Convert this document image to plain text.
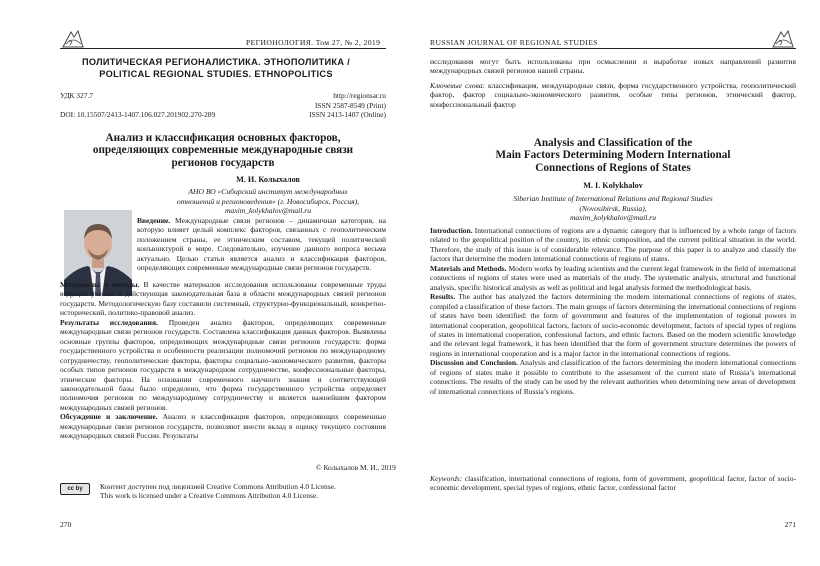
РЕГИОНОЛОГИЯ. Том 27, № 2, 2019
ПОЛИТИЧЕСКАЯ РЕГИОНАЛИСТИКА. ЭТНОПОЛИТИКА /
POLITICAL REGIONAL STUDIES. ETHNOPOLITICS
УДК 327.7
DOI: 10.15507/2413-1407.106.027.201902.270-289
http://regionsar.ru
ISSN 2587-8549 (Print)
ISSN 2413-1407 (Online)
Анализ и классификация основных факторов,
определяющих современные международные связи
регионов государств
М. И. Колыхалов
АНО ВО «Сибирский институт международных
отношений и регионоведения» (г. Новосибирск, Россия),
maxim_kolykhalov@mail.ru

Введение. Международные связи регионов – динамичная категория, на которую влияет целый комплекс факторов, связанных с геополитическим положением страны, ее этническим составом, текущей политической конъюнктурой в мире. Следовательно, изучение данного вопроса весьма актуально. Целью статьи является анализ и классификация факторов, определяющих современные международные связи регионов государств.

Материалы и методы. В качестве материалов исследования использованы современные труды ведущих ученых и действующая законодательная база в области международных связей регионов государств. Методологическую базу составили системный, структурно-функциональный, конкретно-исторический, политико-правовой анализ.

Результаты исследования. Проведен анализ факторов, определяющих современные международные связи регионов государств. Составлена классификация данных факторов. Выявлены основные группы факторов, определяющих международные связи регионов государств: форма государственного устройства и особенности реализации полномочий регионов по международному сотрудничеству, геополитические факторы, факторы социально-экономического развития, факторы особых типов регионов государств в международном сотрудничестве, конфессиональные факторы, этнические факторы. На основании современного научного знания и соответствующей законодательной базы было определено, что форма государственного устройства определяет полномочия регионов по международному сотрудничеству и является важнейшим фактором международных связей регионов.

Обсуждение и заключение. Анализ и классификация факторов, определяющих современные международные связи регионов государств, позволяют внести вклад в оценку текущего состояния международных связей России. Результаты

© Колыхалов М. И., 2019
cc by Контент доступен под лицензией Creative Commons Attribution 4.0 License.
This work is licensed under a Creative Commons Attribution 4.0 License.
270
RUSSIAN JOURNAL OF REGIONAL STUDIES
исследования могут быть использованы при осмыслении и выработке новых направлений развития международных связей регионов нашей страны.

Ключевые слова: классификация, международные связи, форма государственного устройства, геополитический фактор, фактор социально-экономического развития, особые типы регионов, этнический фактор, конфессиональный фактор

Analysis and Classification of the
Main Factors Determining Modern International
Connections of Regions of States
M. I. Kolykhalov
Siberian Institute of International Relations and Regional Studies
(Novosibirsk, Russia),
maxim_kolykhalov@mail.ru

Introduction. International connections of regions are a dynamic category that is influenced by a whole range of factors related to the geopolitical position of the country, its ethnic composition, and the current political situation in the world. Therefore, the study of this issue is of considerable relevance. The purpose of this paper is to analyze and classify the factors that determine the modern international connections of regions of states.

Materials and Methods. Modern works by leading scientists and the current legal framework in the field of international connections of regions of states were used as materials of the study. The systematic analysis, structural and functional analysis, specific historical analysis as well as political and legal analysis formed the methodological basis.

Results. The author has analyzed the factors determining the modern international connections of regions of states, compiled a classification of these factors. The main groups of factors determining the international connections of regions of states have been identified: the form of government and features of the implementation of regional powers in international cooperation, geopolitical factors, factors of socio-economic development, factors of special types of regions of states in international cooperation, confessional factors, and ethnic factors. Based on the modern scientific knowledge and the relevant legal framework, it has been identified that the form of government structure determines the powers of regions in international cooperation and is a major factor in the international connections of regions.

Discussion and Conclusion. Analysis and classification of the factors determining the modern international connections of regions of states make it possible to contribute to the assessment of the current state of Russia’s international connections. The results of the study can be used by the relevant authorities when determining new areas of development of international connections of Russia’s regions.

Keywords: classification, international connections of regions, form of government, geopolitical factor, factor of socio-economic development, special types of regions, ethnic factor, confessional factor

271
